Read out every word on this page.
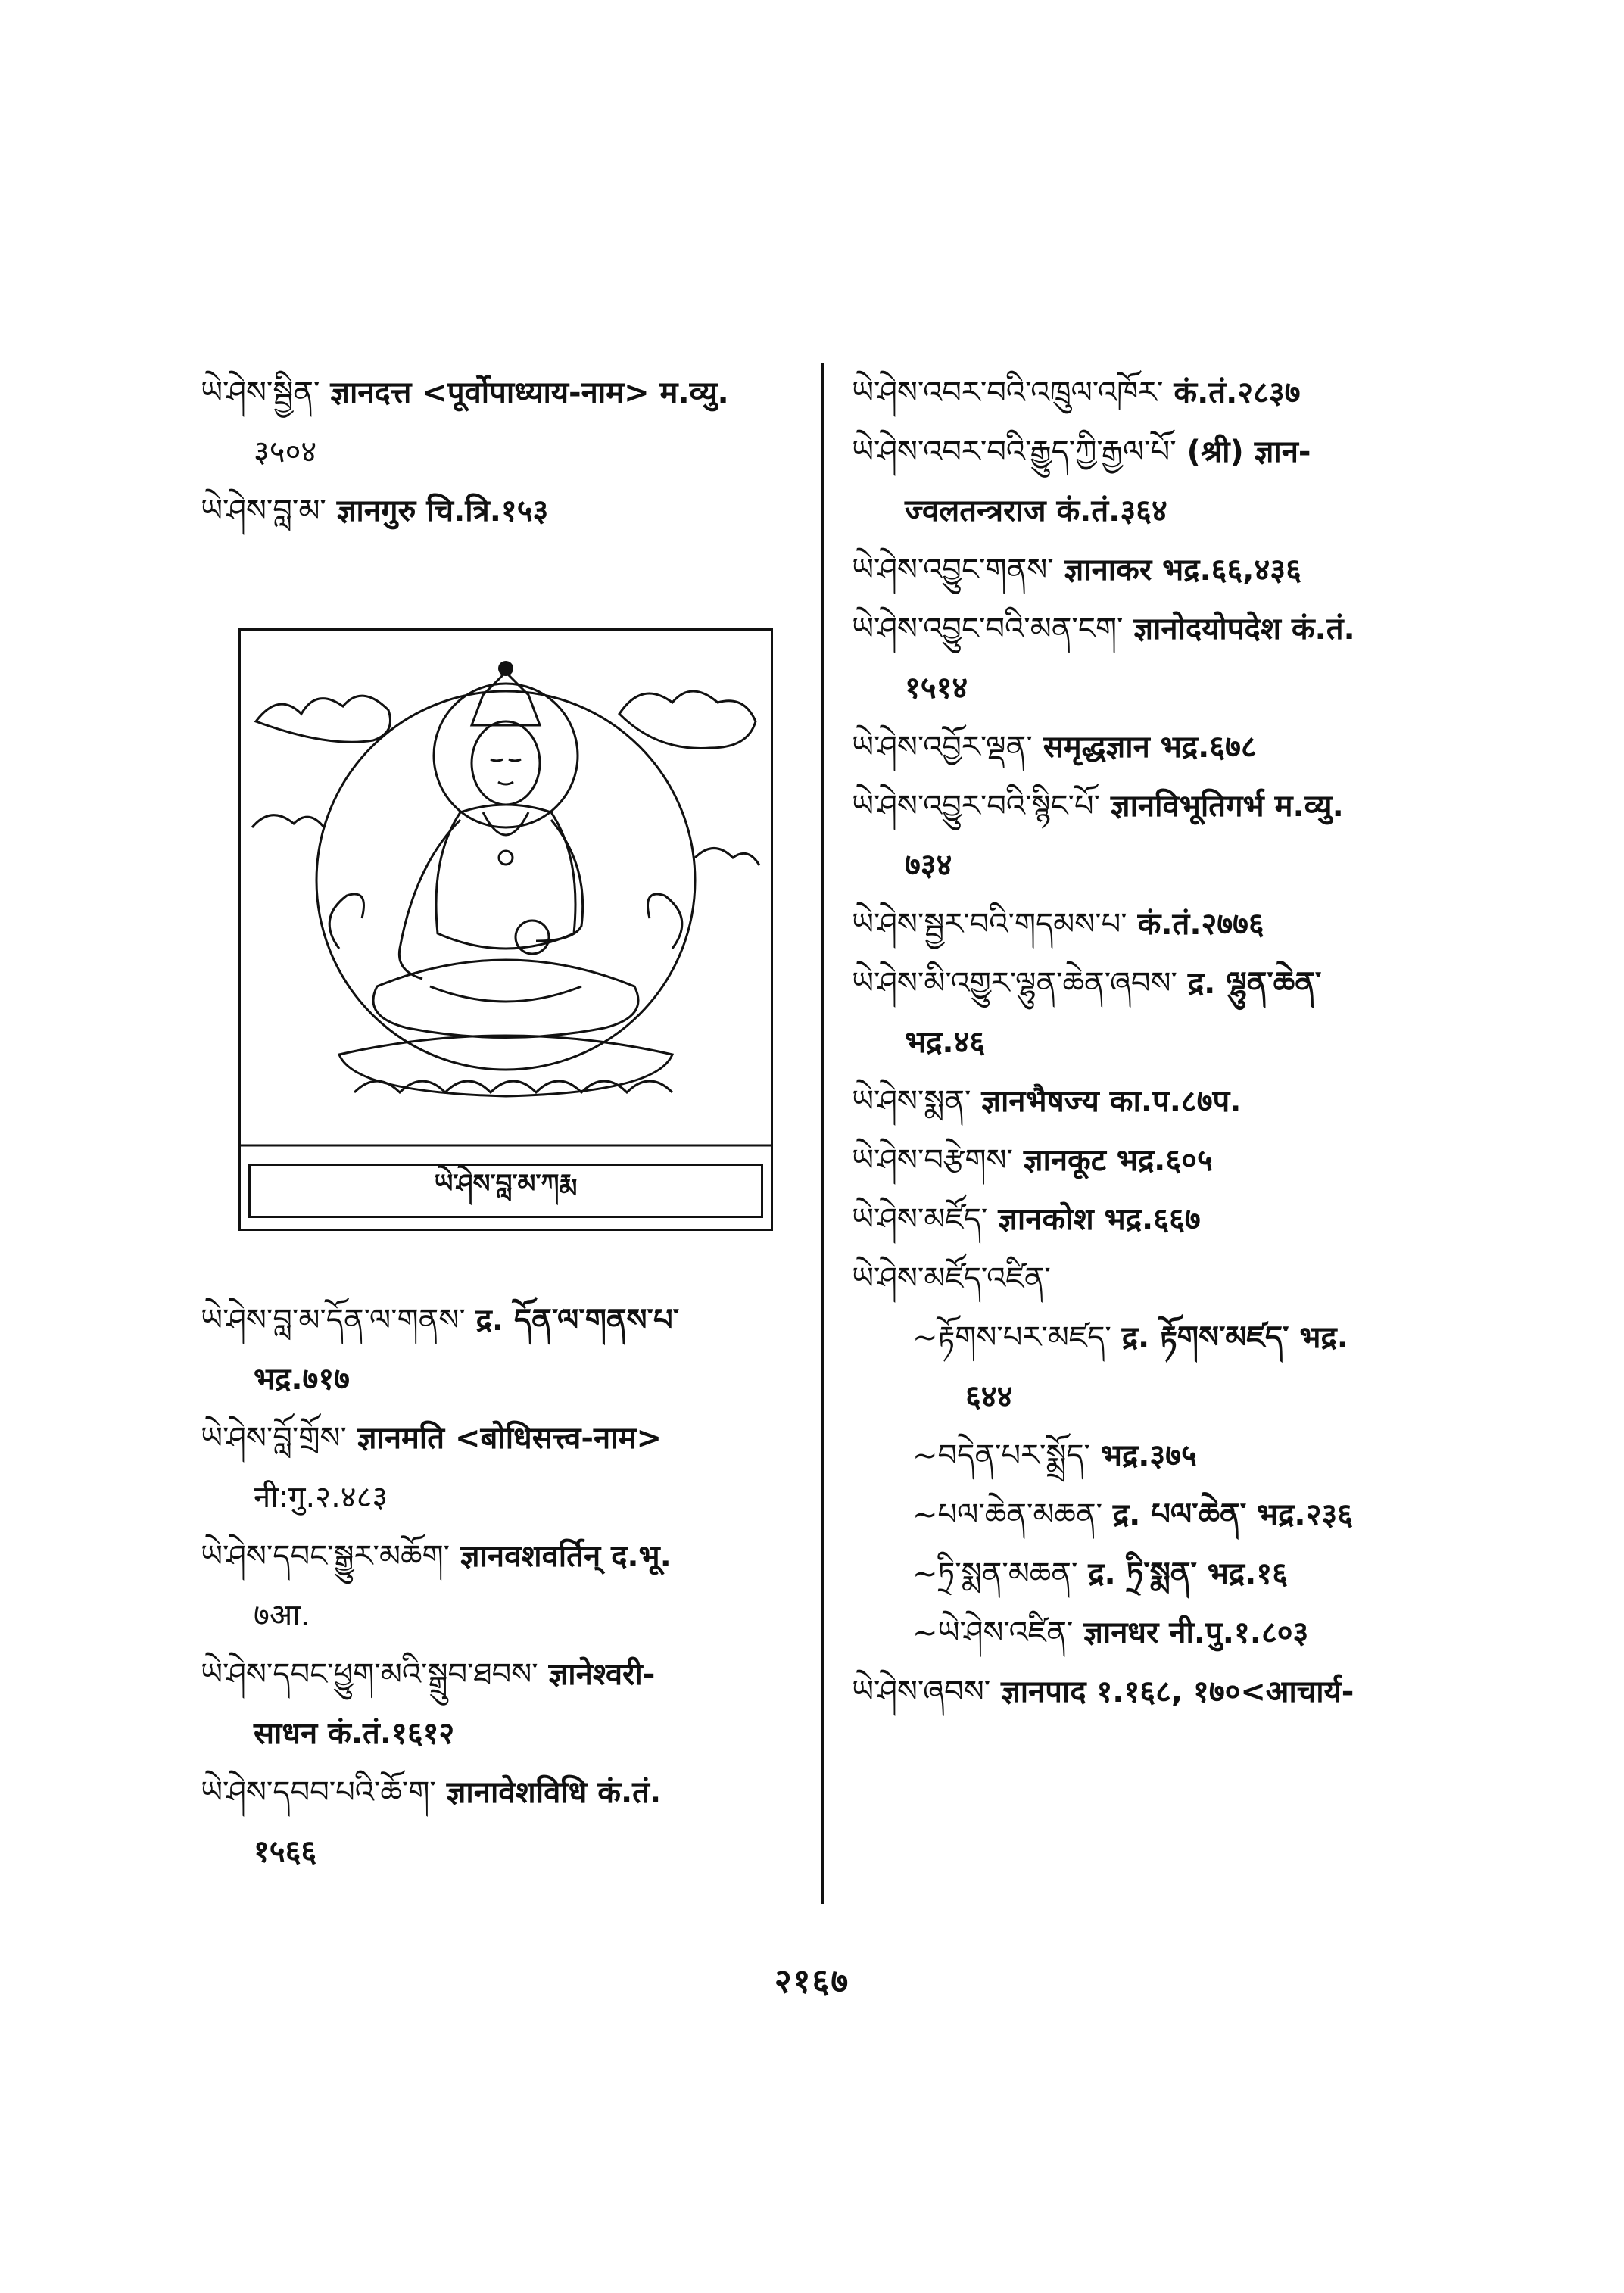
ཡེ་ཤེས་སྦྱིན་ ज्ञानदत्त <पूर्वोपाध्याय-नाम> म.व्यु.
३५०४

ཡེ་ཤེས་བླ་མ་ ज्ञानगुरु चि.त्रि.१५३

ཡེ་ཤེས་བླ་མ་ཀརྨ

ཡེ་ཤེས་བླ་མ་དོན་ལ་གནས་ द्र. དོན་ལ་གནས་པ་
भद्र.७१७

ཡེ་ཤེས་བློ་གྲོས་ ज्ञानमति <बोधिसत्त्व-नाम>
नी:गु.२.४८३

ཡེ་ཤེས་དབང་སྒྱུར་མཆོག་ ज्ञानवशवर्तिन् द.भू.
७आ.

ཡེ་ཤེས་དབང་ཕྱུག་མའི་སྒྲུབ་ཐབས་ ज्ञानेश्वरी-
साधन कं.तं.१६१२

ཡེ་ཤེས་དབབ་པའི་ཆོ་ག་ ज्ञानावेशविधि कं.तं.
१५६६

ཡེ་ཤེས་འབར་བའི་འཁྲུལ་འཁོར་ कं.तं.२८३७

ཡེ་ཤེས་འབར་བའི་རྒྱུད་ཀྱི་རྒྱལ་པོ་ (श्री) ज्ञान-
ज्वलतन्त्रराज कं.तं.३६४

ཡེ་ཤེས་འབྱུང་གནས་ ज्ञानाकर भद्र.६६,४३६

ཡེ་ཤེས་འབྱུང་བའི་མན་ངག་ ज्ञानोदयोपदेश कं.तं.
१५१४

ཡེ་ཤེས་འབྱོར་ལྡན་ समृद्धज्ञान भद्र.६७८

ཡེ་ཤེས་འབྱུར་བའི་སྙིང་པོ་ ज्ञानविभूतिगर्भ म.व्यु.
७३४

ཡེ་ཤེས་སྦྱར་བའི་གདམས་པ་ कं.तं.२७७६

ཡེ་ཤེས་མི་འགྱུར་ལྷུན་ཆེན་ཞབས་ द्र. ལྷུན་ཆེན་
भद्र.४६

ཡེ་ཤེས་སྨན་ ज्ञानभैषज्य का.प.८७प.

ཡེ་ཤེས་བརྩེགས་ ज्ञानकूट भद्र.६०५

ཡེ་ཤེས་མཛོད་ ज्ञानकोश भद्र.६६७

ཡེ་ཤེས་མཛོད་འཛིན་

~རྟོགས་པར་མཛད་ द्र. རྟོགས་མཛད་ भद्र.
६४४

~བདེན་པར་སྨྲོད་ भद्र.३७५

~པལ་ཆེན་མཆན་ द्र. པལ་ཆེན་ भद्र.२३६

~ཏྲི་སྨན་མཆན་ द्र. ཏྲི་སྨན་ भद्र.१६

~ཡེ་ཤེས་འཛིན་ ज्ञानधर नी.पु.१.८०३

ཡེ་ཤེས་ཞབས་ ज्ञानपाद १.१६८, १७०<आचार्य-

२१६७
